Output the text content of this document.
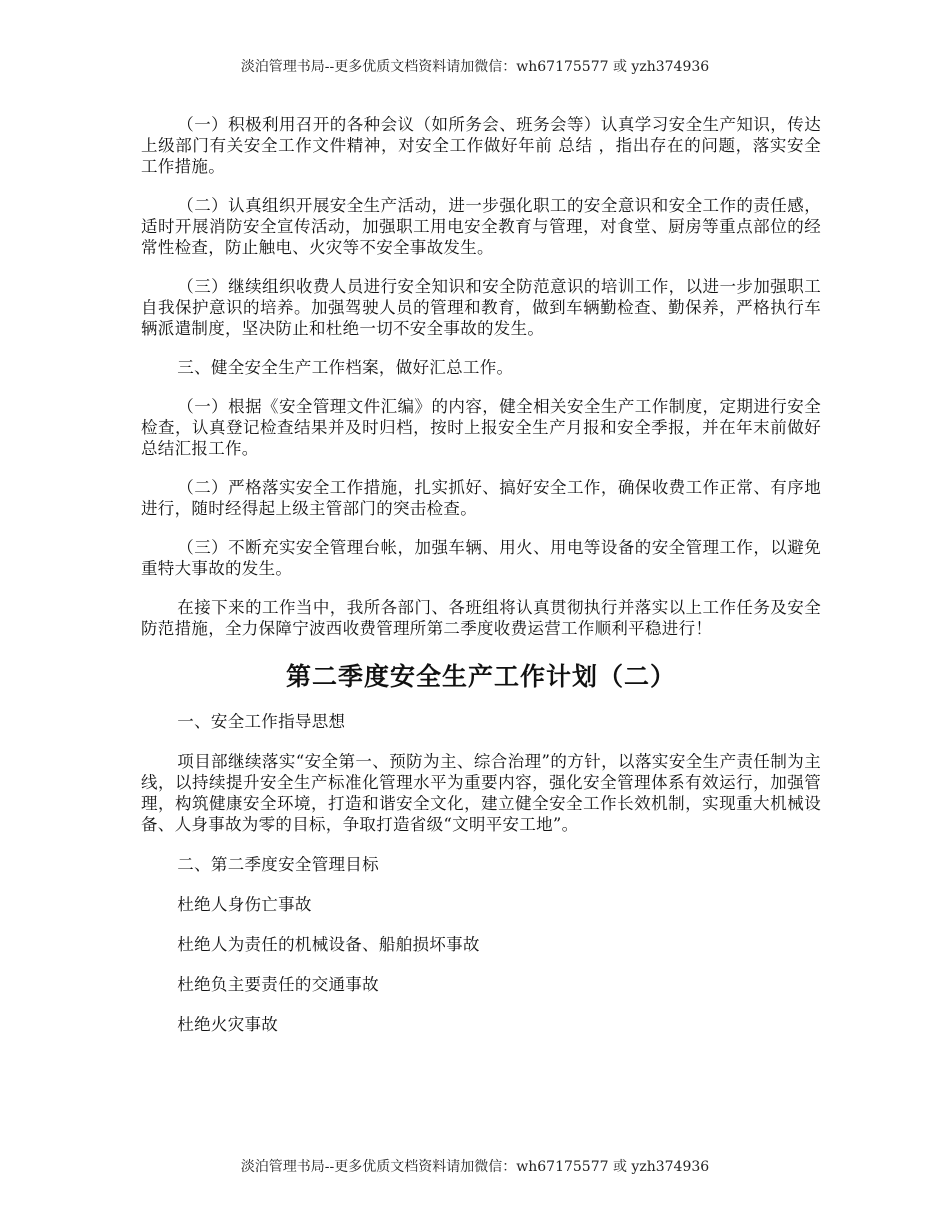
淡泊管理书局--更多优质文档资料请加微信：wh67175577 或 yzh374936

（一）积极利用召开的各种会议（如所务会、班务会等）认真学习安全生产知识，传达上级部门有关安全工作文件精神，对安全工作做好年前 总结 ，指出存在的问题，落实安全工作措施。

（二）认真组织开展安全生产活动，进一步强化职工的安全意识和安全工作的责任感，适时开展消防安全宣传活动，加强职工用电安全教育与管理，对食堂、厨房等重点部位的经常性检查，防止触电、火灾等不安全事故发生。

（三）继续组织收费人员进行安全知识和安全防范意识的培训工作，以进一步加强职工自我保护意识的培养。加强驾驶人员的管理和教育，做到车辆勤检查、勤保养，严格执行车辆派遣制度，坚决防止和杜绝一切不安全事故的发生。

三、健全安全生产工作档案，做好汇总工作。

（一）根据《安全管理文件汇编》的内容，健全相关安全生产工作制度，定期进行安全检查，认真登记检查结果并及时归档，按时上报安全生产月报和安全季报，并在年末前做好总结汇报工作。

（二）严格落实安全工作措施，扎实抓好、搞好安全工作，确保收费工作正常、有序地进行，随时经得起上级主管部门的突击检查。

（三）不断充实安全管理台帐，加强车辆、用火、用电等设备的安全管理工作，以避免重特大事故的发生。

在接下来的工作当中，我所各部门、各班组将认真贯彻执行并落实以上工作任务及安全防范措施，全力保障宁波西收费管理所第二季度收费运营工作顺利平稳进行！

第二季度安全生产工作计划（二）

一、安全工作指导思想

项目部继续落实“安全第一、预防为主、综合治理”的方针，以落实安全生产责任制为主线，以持续提升安全生产标准化管理水平为重要内容，强化安全管理体系有效运行，加强管理，构筑健康安全环境，打造和谐安全文化，建立健全安全工作长效机制，实现重大机械设备、人身事故为零的目标，争取打造省级“文明平安工地”。

二、第二季度安全管理目标

杜绝人身伤亡事故

杜绝人为责任的机械设备、船舶损坏事故

杜绝负主要责任的交通事故

杜绝火灾事故

淡泊管理书局--更多优质文档资料请加微信：wh67175577 或 yzh374936
